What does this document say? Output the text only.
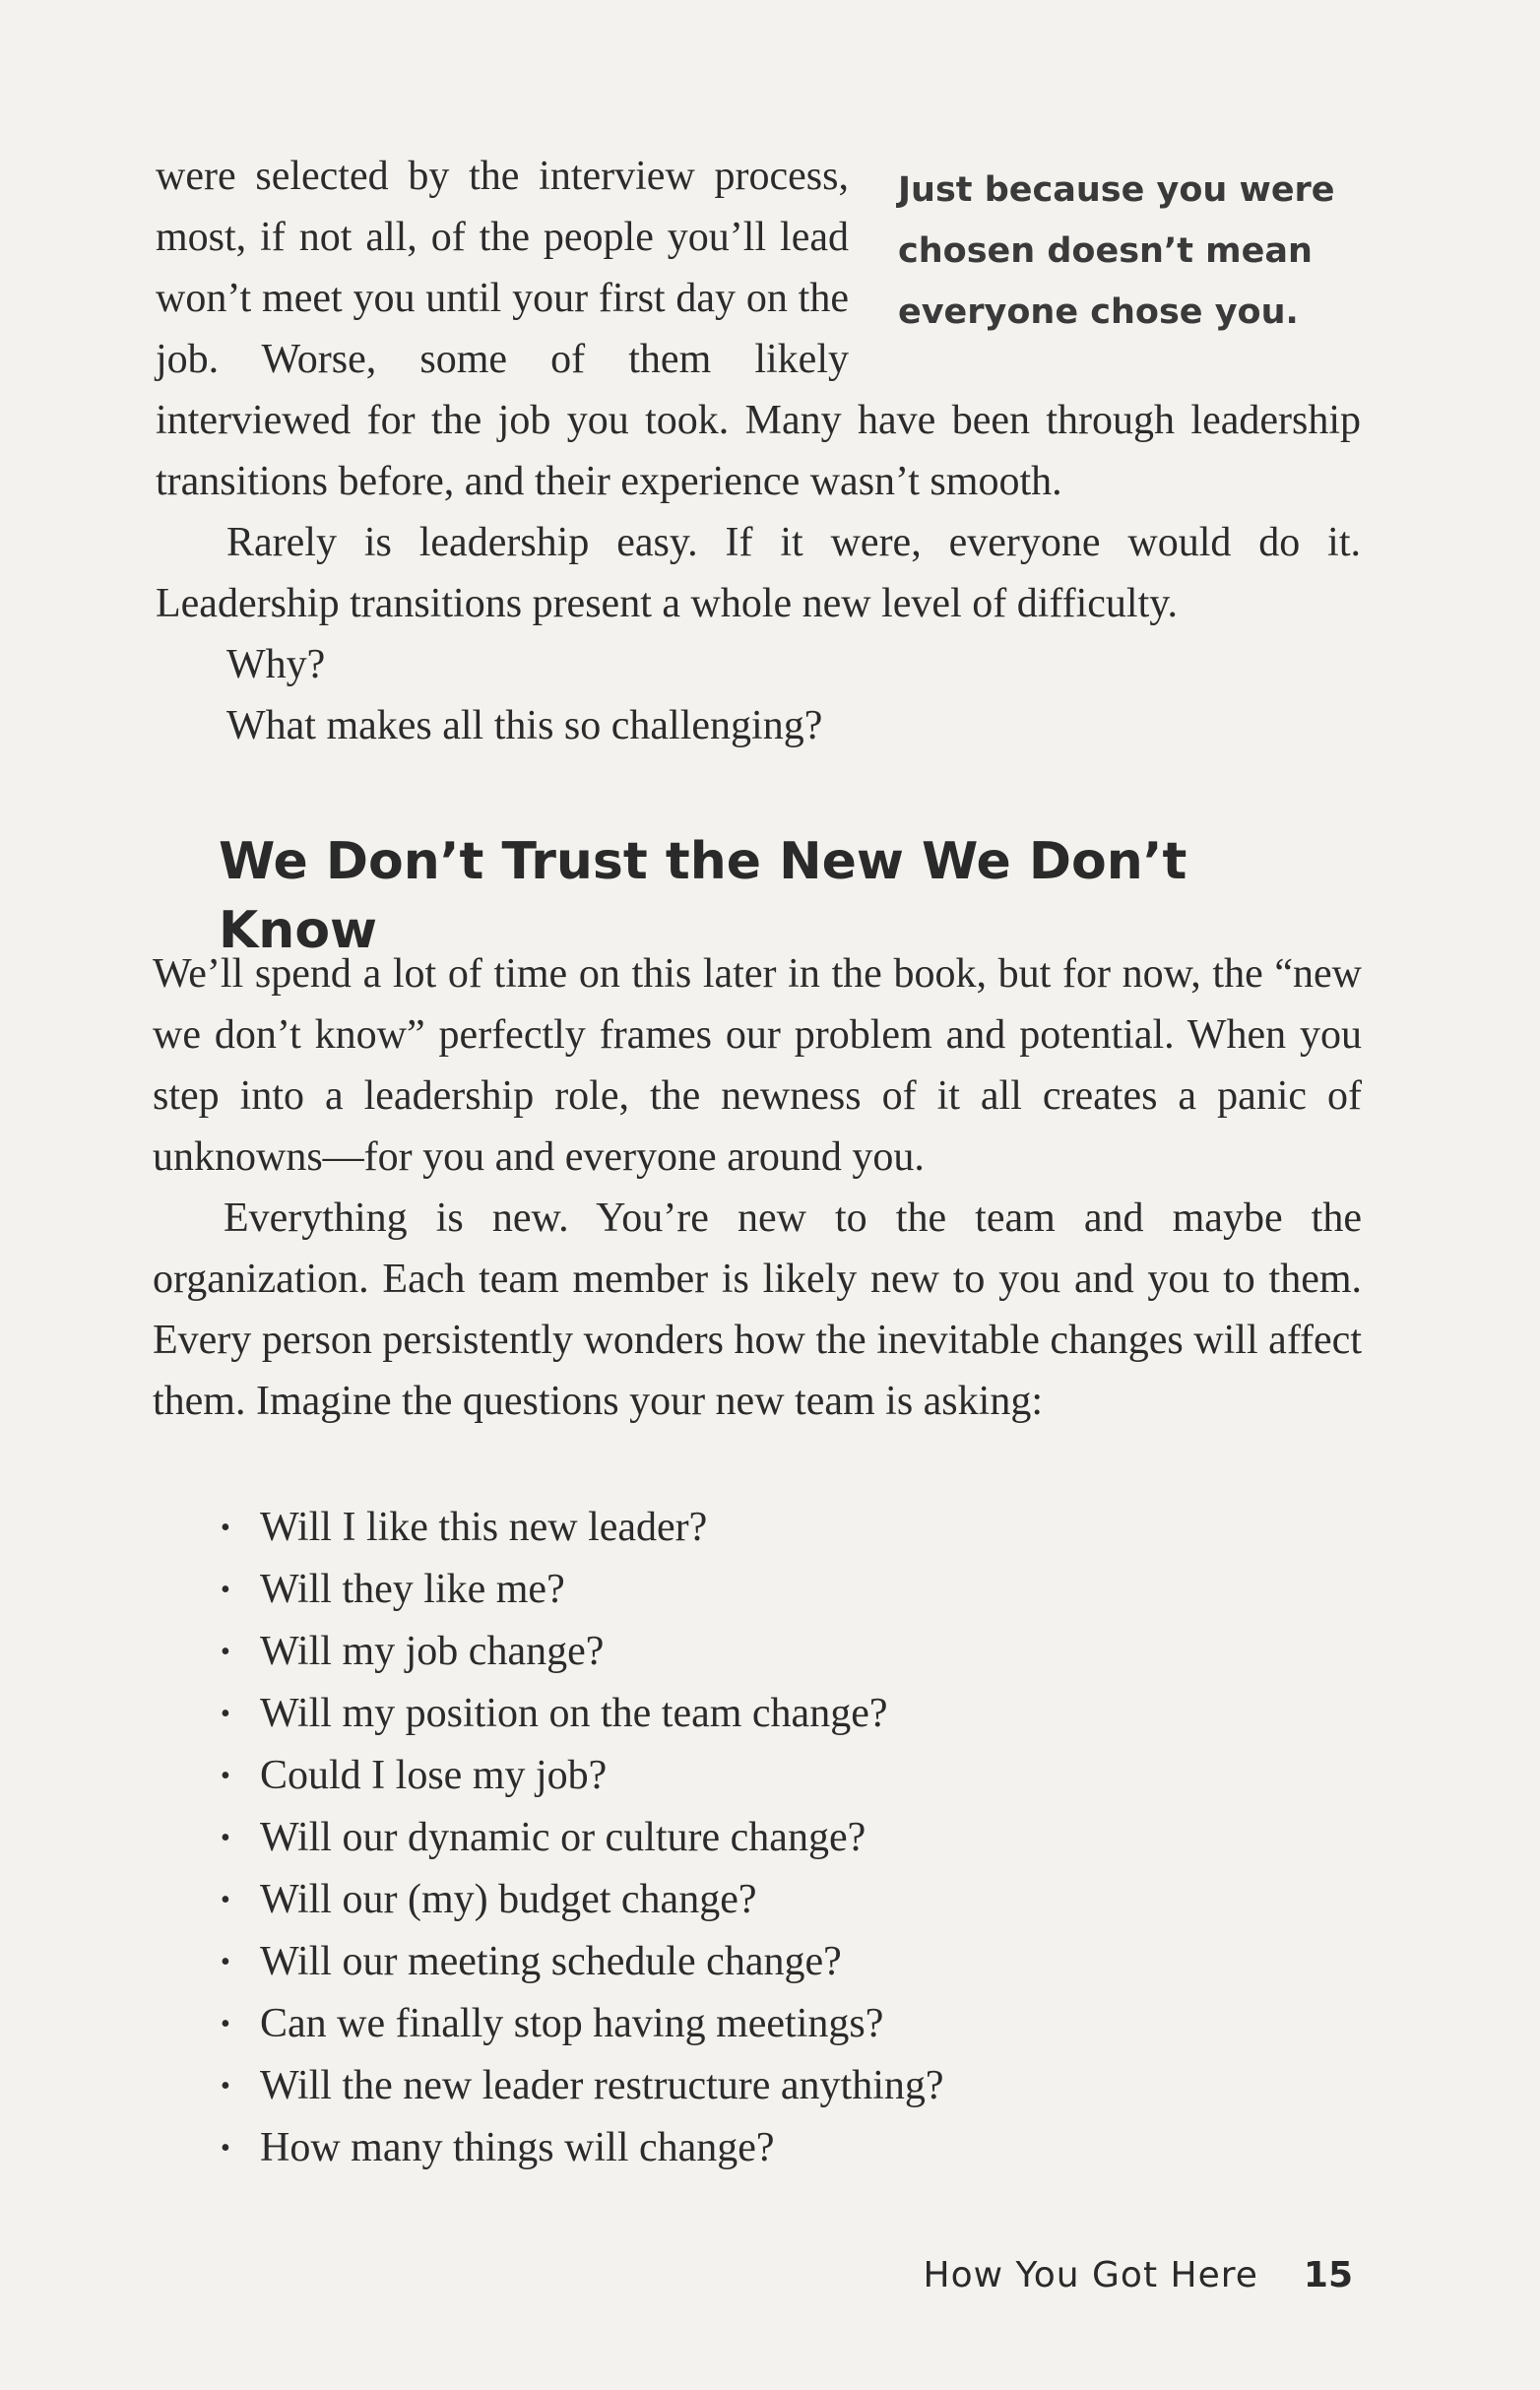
Just because you were chosen doesn’t mean everyone chose you.

were selected by the interview process, most, if not all, of the people you’ll lead won’t meet you until your first day on the job. Worse, some of them likely interviewed for the job you took. Many have been through leadership transitions before, and their experience wasn’t smooth.

Rarely is leadership easy. If it were, everyone would do it. Leadership transitions present a whole new level of difficulty.

Why?

What makes all this so challenging?

We Don’t Trust the New We Don’t Know

We’ll spend a lot of time on this later in the book, but for now, the “new we don’t know” perfectly frames our problem and potential. When you step into a leadership role, the newness of it all creates a panic of unknowns—for you and everyone around you.

Everything is new. You’re new to the team and maybe the organization. Each team member is likely new to you and you to them. Every person persistently wonders how the inevitable changes will affect them. Imagine the questions your new team is asking:

• Will I like this new leader?
• Will they like me?
• Will my job change?
• Will my position on the team change?
• Could I lose my job?
• Will our dynamic or culture change?
• Will our (my) budget change?
• Will our meeting schedule change?
• Can we finally stop having meetings?
• Will the new leader restructure anything?
• How many things will change?
How You Got Here 15
